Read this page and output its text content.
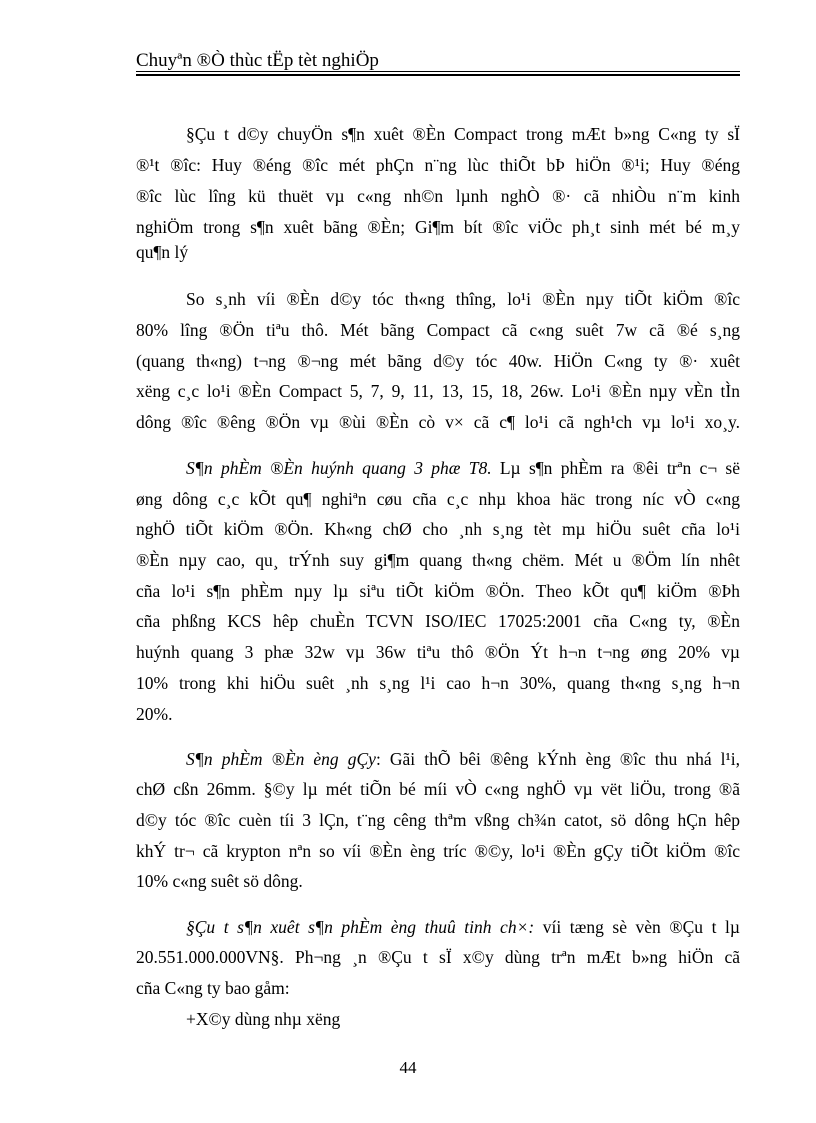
Chuyªn ®Ò thùc tËp tèt nghiÖp
§Çu t d©y chuyÖn s¶n xuêt ®Èn Compact trong mÆt b»ng C«ng ty sÏ
®¹t ®îc: Huy ®éng ®îc mét phÇn n¨ng lùc thiÕt bÞ hiÖn ®¹i; Huy ®éng
®îc lùc lîng kü thuët vµ c«ng nh©n lµnh nghÒ ®· cã nhiÒu n¨m kinh
nghiÖm trong s¶n xuêt bãng ®Èn; Gi¶m bít ®îc viÖc ph¸t sinh mét bé m¸y
qu¶n lý
So s¸nh víi ®Èn d©y tóc th«ng thîng, lo¹i ®Èn nµy tiÕt kiÖm ®îc
80% lîng ®Ön tiªu thô. Mét bãng Compact cã c«ng suêt 7w cã ®é s¸ng
(quang th«ng) t¬ng ®¬ng mét bãng d©y tóc 40w. HiÖn C«ng ty ®· xuêt
xëng c¸c lo¹i ®Èn Compact 5, 7, 9, 11, 13, 15, 18, 26w. Lo¹i ®Èn nµy vÈn tÌn
dông ®îc ®êng ®Ön vµ ®ùi ®Èn cò v× cã c¶ lo¹i cã ngh¹ch vµ lo¹i xo¸y.
S¶n phÈm ®Èn huýnh quang 3 phæ T8. Lµ s¶n phÈm ra ®êi trªn c¬ së
øng dông c¸c kÕt qu¶ nghiªn cøu cña c¸c nhµ khoa häc trong níc vÒ c«ng
nghÖ tiÕt kiÖm ®Ön. Kh«ng chØ cho ¸nh s¸ng tèt mµ hiÖu suêt cña lo¹i
®Èn nµy cao, qu¸ trÝnh suy gi¶m quang th«ng chëm. Mét u ®Öm lín nhêt
cña lo¹i s¶n phÈm nµy lµ siªu tiÕt kiÖm ®Ön. Theo kÕt qu¶ kiÖm ®Þh
cña phßng KCS hêp chuÈn TCVN ISO/IEC 17025:2001 cña C«ng ty, ®Èn
huýnh quang 3 phæ 32w vµ 36w tiªu thô ®Ön Ýt h¬n t¬ng øng 20% vµ
10% trong khi hiÖu suêt ¸nh s¸ng l¹i cao h¬n 30%, quang th«ng s¸ng h¬n
20%.
S¶n phÈm ®Èn èng gÇy: Gãi thÕ bêi ®êng kÝnh èng ®îc thu nhá l¹i,
chØ cßn 26mm. §©y lµ mét tiÕn bé míi vÒ c«ng nghÖ vµ vët liÖu, trong ®ã
d©y tóc ®îc cuèn tíi 3 lÇn, t¨ng cêng thªm vßng ch¾n catot, sö dông hÇn hêp
khÝ tr¬ cã krypton nªn so víi ®Èn èng tríc ®©y, lo¹i ®Èn gÇy tiÕt kiÖm ®îc
10% c«ng suêt sö dông.
§Çu t s¶n xuêt s¶n phÈm èng thuû tinh ch×: víi tæng sè vèn ®Çu t lµ
20.551.000.000VN§. Ph¬ng ¸n ®Çu t sÏ x©y dùng trªn mÆt b»ng hiÖn cã
cña C«ng ty bao gåm:
+X©y dùng nhµ xëng
44
